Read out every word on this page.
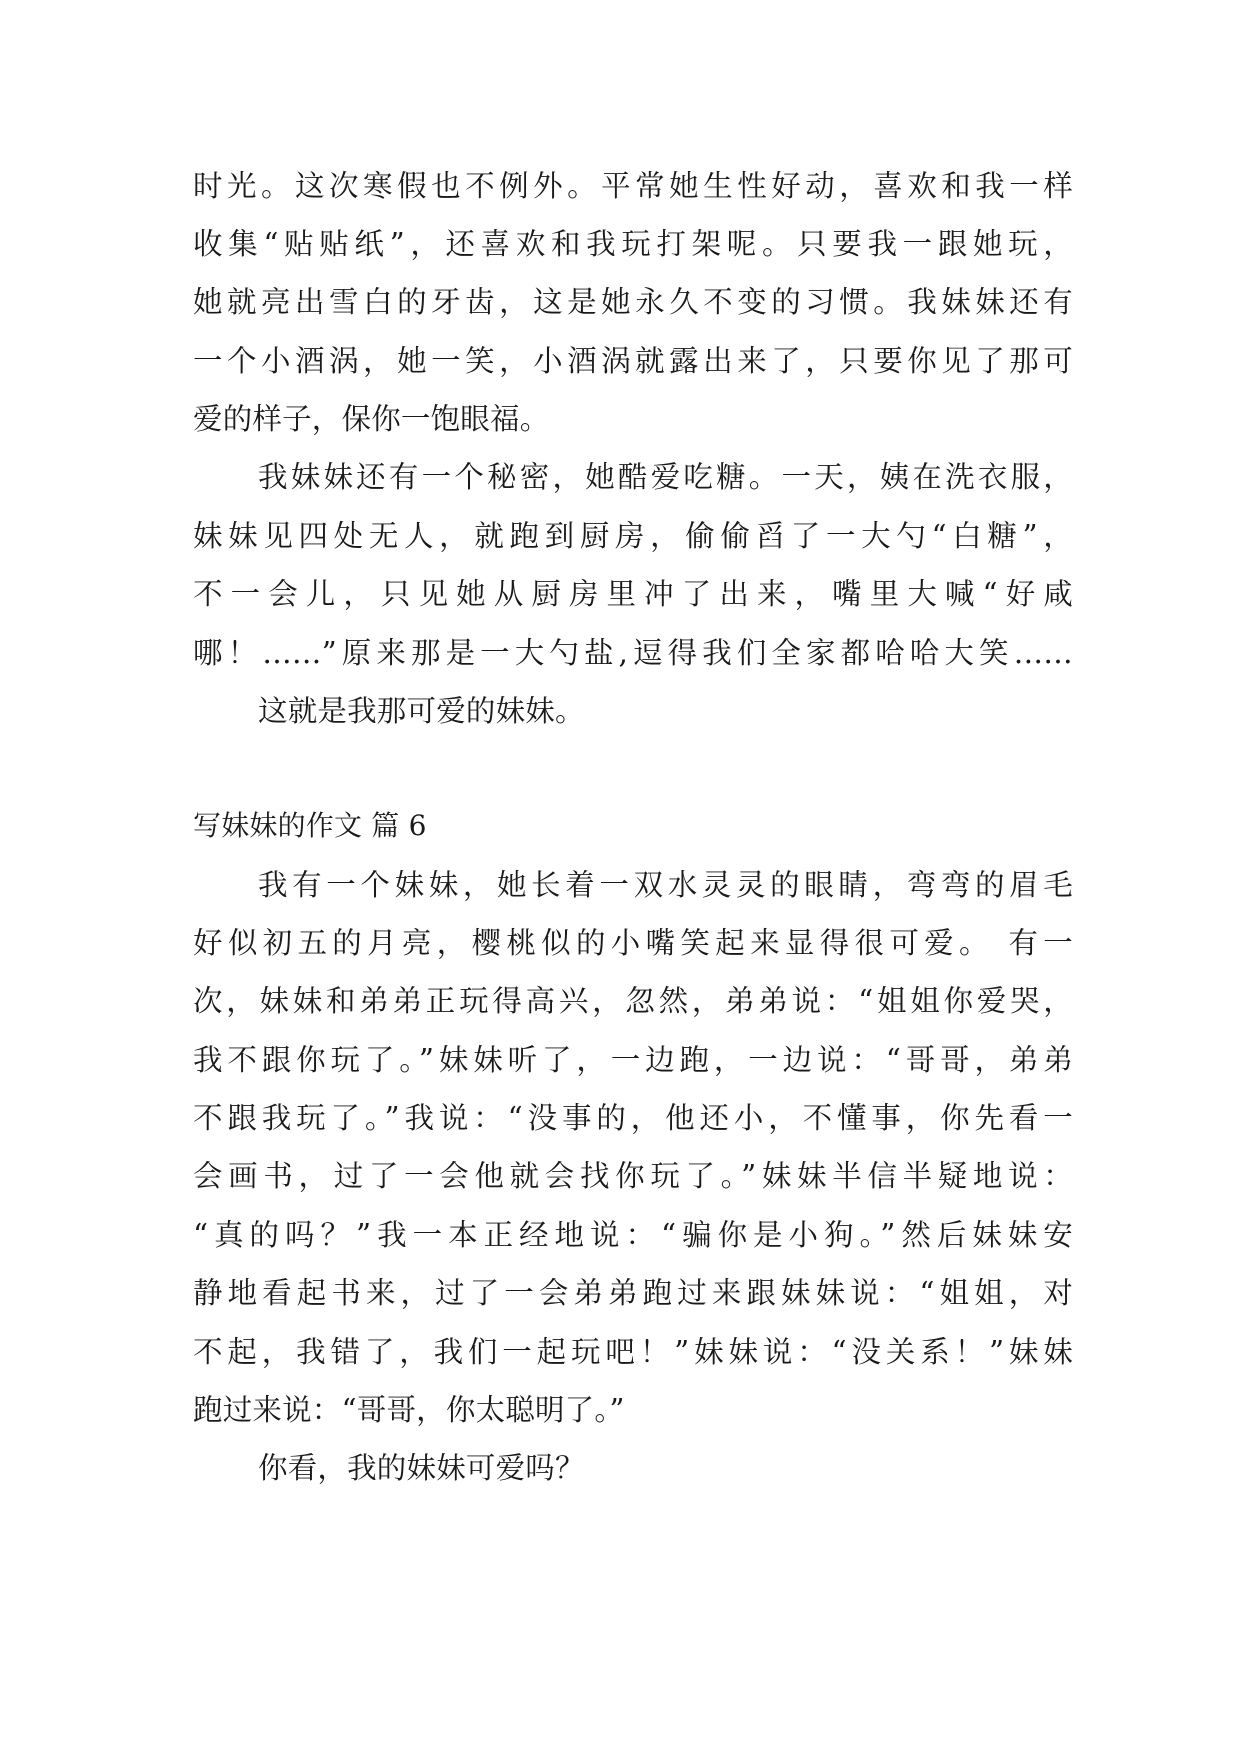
时光。这次寒假也不例外。平常她生性好动，喜欢和我一样
收集“贴贴纸”，还喜欢和我玩打架呢。只要我一跟她玩，
她就亮出雪白的牙齿，这是她永久不变的习惯。我妹妹还有
一个小酒涡，她一笑，小酒涡就露出来了，只要你见了那可
爱的样子，保你一饱眼福。
我妹妹还有一个秘密，她酷爱吃糖。一天，姨在洗衣服，
妹妹见四处无人，就跑到厨房，偷偷舀了一大勺“白糖”，
不一会儿，只见她从厨房里冲了出来，嘴里大喊“好咸
哪！……”原来那是一大勺盐,逗得我们全家都哈哈大笑……
这就是我那可爱的妹妹。
写妹妹的作文 篇 6
我有一个妹妹，她长着一双水灵灵的眼睛，弯弯的眉毛
好似初五的月亮，樱桃似的小嘴笑起来显得很可爱。 有一
次，妹妹和弟弟正玩得高兴，忽然，弟弟说：“姐姐你爱哭，
我不跟你玩了。”妹妹听了，一边跑，一边说：“哥哥，弟弟
不跟我玩了。”我说：“没事的，他还小，不懂事，你先看一
会画书，过了一会他就会找你玩了。”妹妹半信半疑地说：
“真的吗？”我一本正经地说：“骗你是小狗。”然后妹妹安
静地看起书来，过了一会弟弟跑过来跟妹妹说：“姐姐，对
不起，我错了，我们一起玩吧！”妹妹说：“没关系！”妹妹
跑过来说：“哥哥，你太聪明了。”
你看，我的妹妹可爱吗？
